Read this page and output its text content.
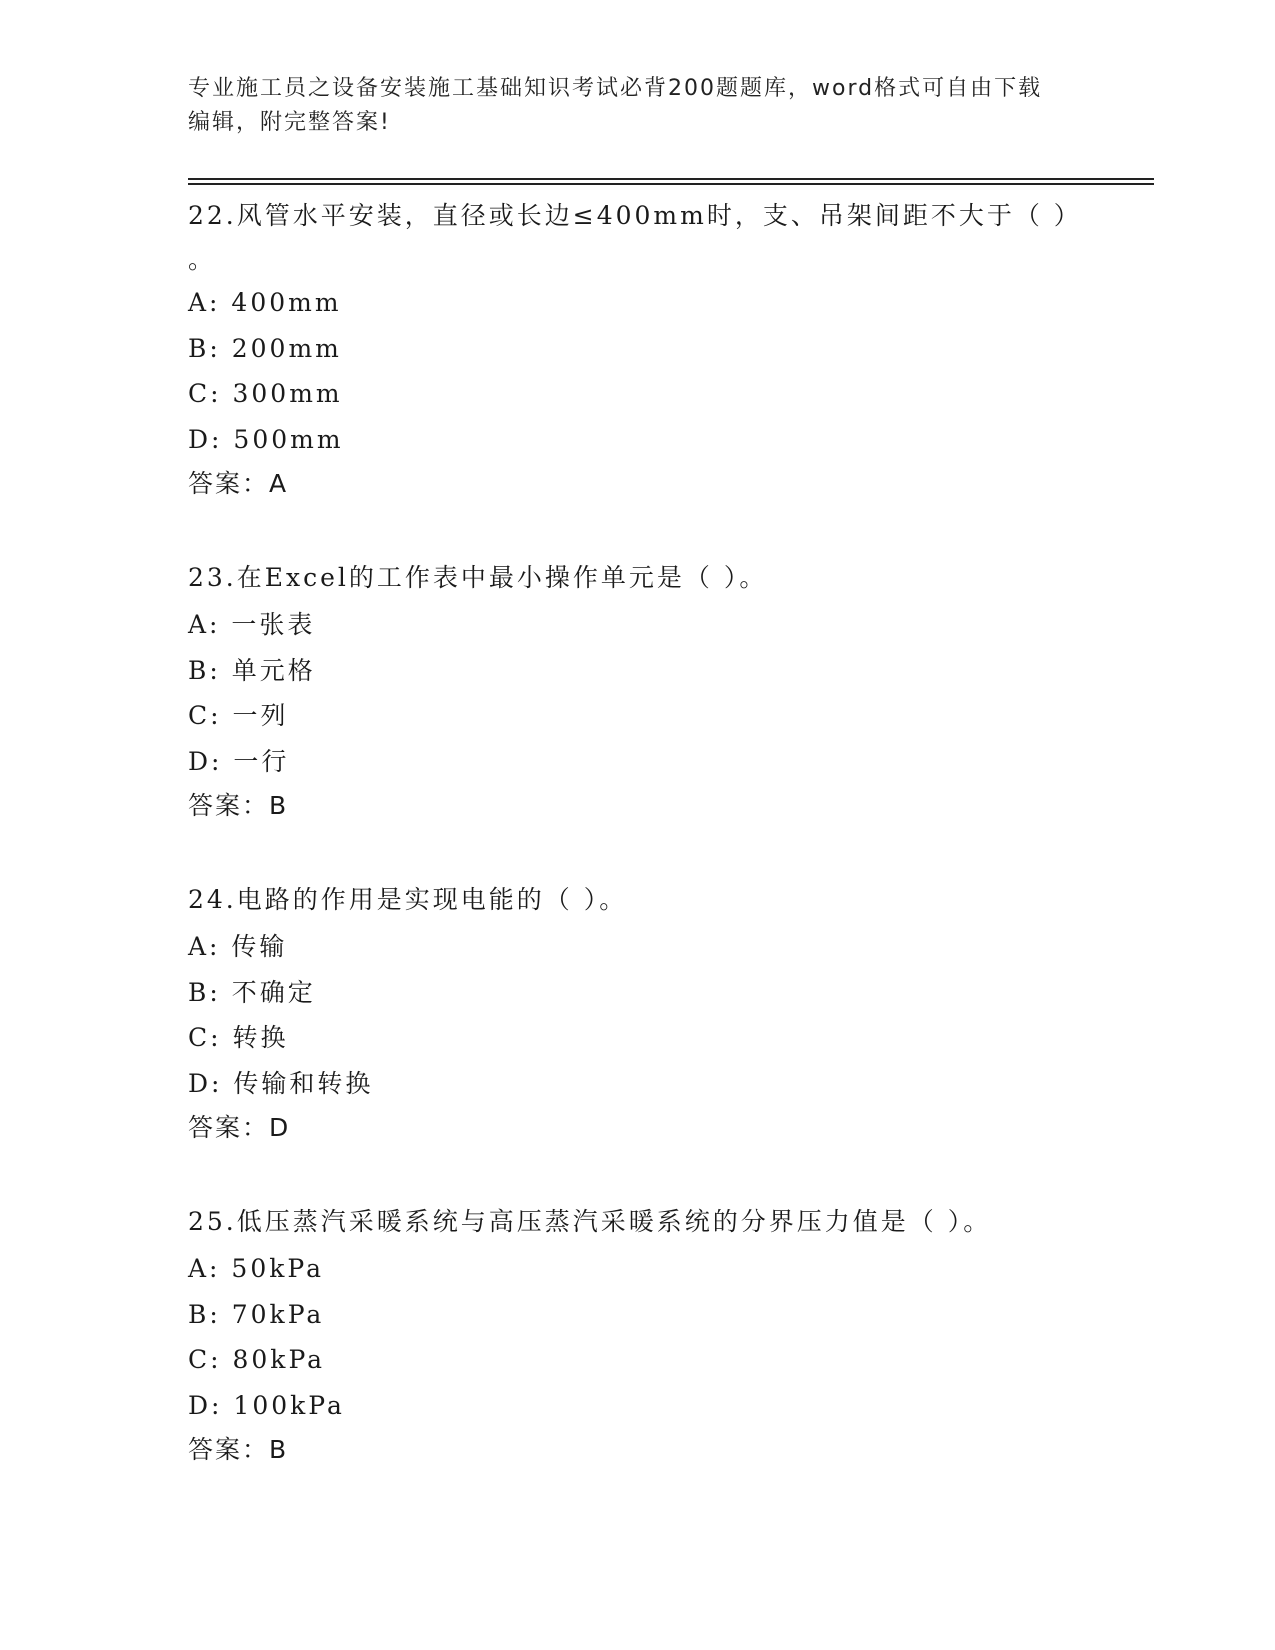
专业施工员之设备安装施工基础知识考试必背200题题库，word格式可自由下载
编辑，附完整答案!

22.风管水平安装，直径或长边≤400mm时，支、吊架间距不大于（ ）

。

A: 400mm

B: 200mm

C: 300mm

D: 500mm

答案：A

23.在Excel的工作表中最小操作单元是（ ）。

A: 一张表

B: 单元格

C: 一列

D: 一行

答案：B

24.电路的作用是实现电能的（ ）。

A: 传输

B: 不确定

C: 转换

D: 传输和转换

答案：D

25.低压蒸汽采暖系统与高压蒸汽采暖系统的分界压力值是（ ）。

A: 50kPa

B: 70kPa

C: 80kPa

D: 100kPa

答案：B
